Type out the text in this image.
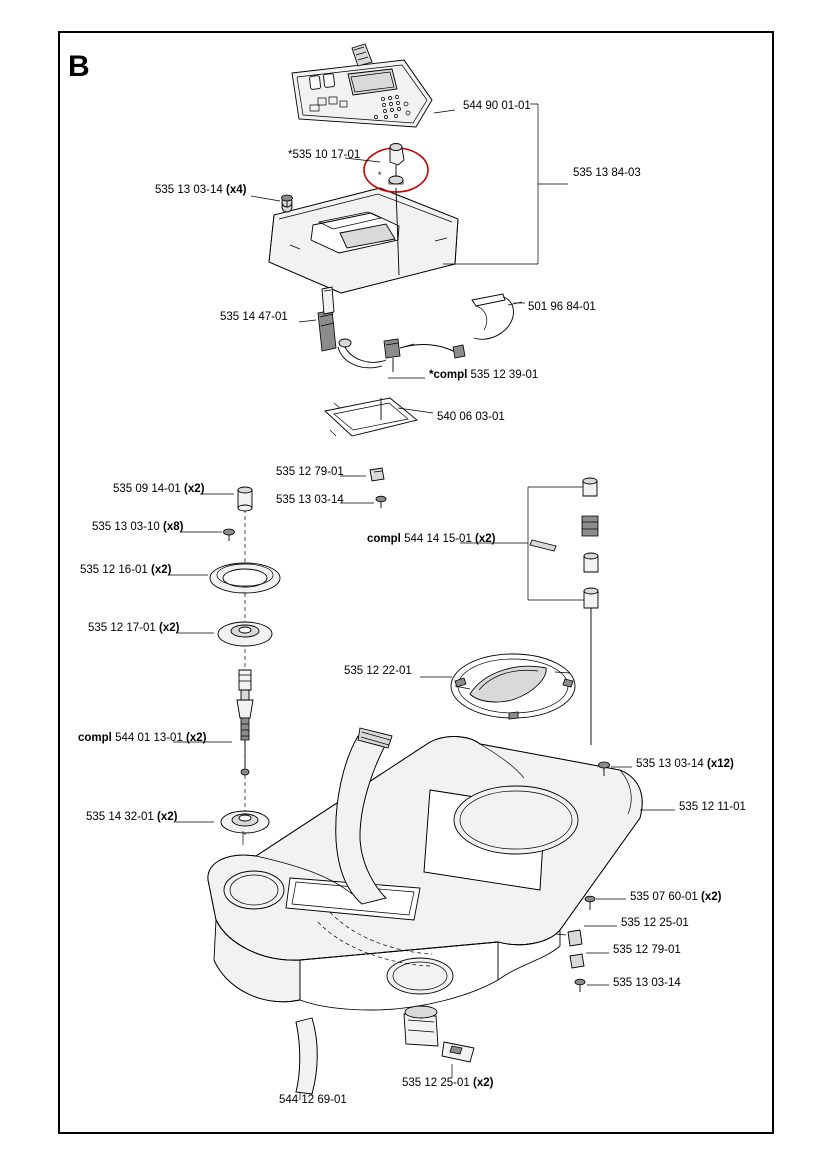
B
*
544 90 01-01
535 13 84-03
*535 10 17-01
535 13 03-14 (x4)
501 96 84-01
535 14 47-01
*compl 535 12 39-01
540 06 03-01
535 12 79-01
535 13 03-14
535 09 14-01 (x2)
535 13 03-10 (x8)
535 12 16-01 (x2)
535 12 17-01 (x2)
compl 544 14 15-01 (x2)
535 12 22-01
compl 544 01 13-01 (x2)
535 13 03-14 (x12)
535 12 11-01
535 14 32-01 (x2)
535 07 60-01 (x2)
535 12 25-01
535 12 79-01
535 13 03-14
535 12 25-01 (x2)
544 12 69-01
